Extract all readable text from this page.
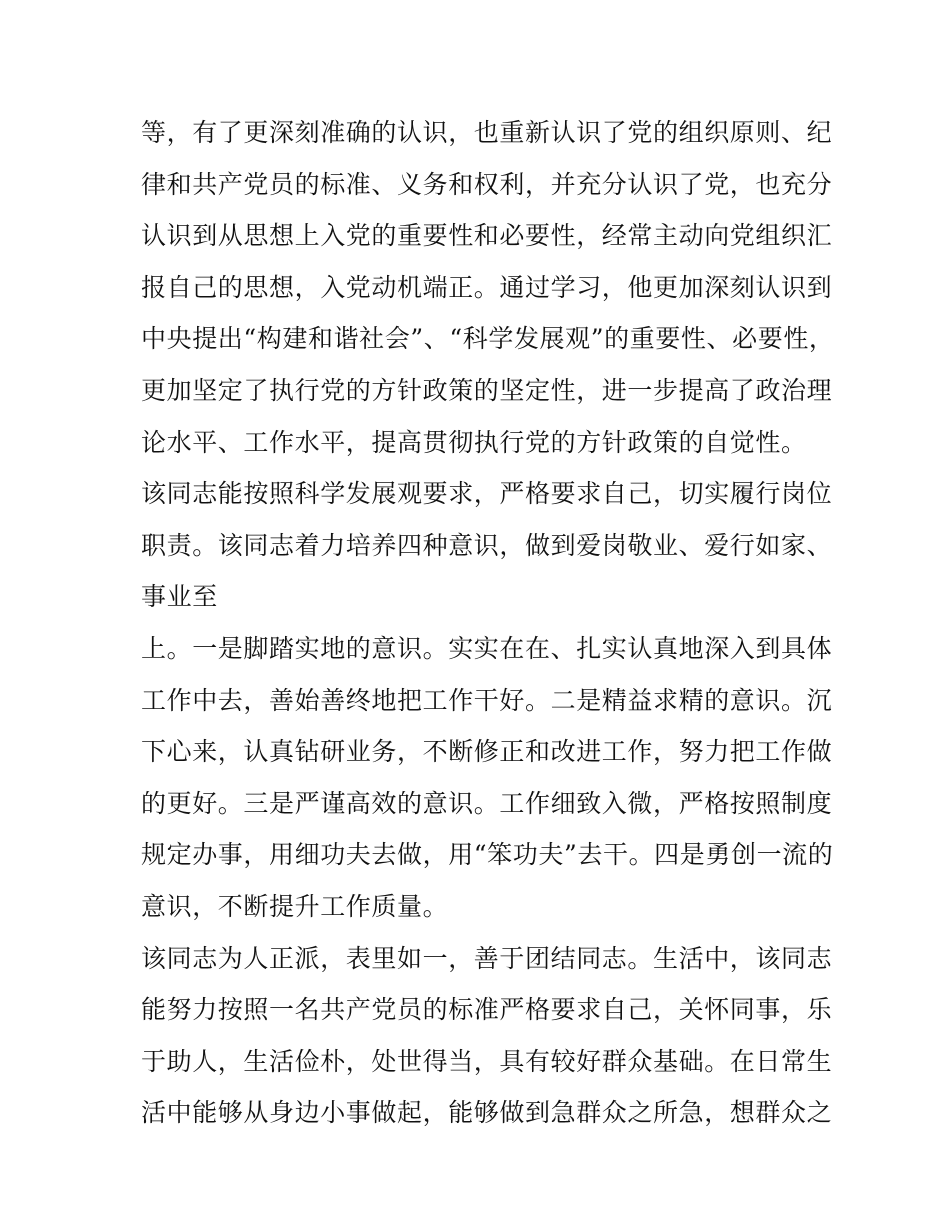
等，有了更深刻准确的认识，也重新认识了党的组织原则、纪
律和共产党员的标准、义务和权利，并充分认识了党，也充分
认识到从思想上入党的重要性和必要性，经常主动向党组织汇
报自己的思想，入党动机端正。通过学习，他更加深刻认识到
中央提出“构建和谐社会”、“科学发展观”的重要性、必要性，
更加坚定了执行党的方针政策的坚定性，进一步提高了政治理
论水平、工作水平，提高贯彻执行党的方针政策的自觉性。
该同志能按照科学发展观要求，严格要求自己，切实履行岗位
职责。该同志着力培养四种意识，做到爱岗敬业、爱行如家、
事业至
上。一是脚踏实地的意识。实实在在、扎实认真地深入到具体
工作中去，善始善终地把工作干好。二是精益求精的意识。沉
下心来，认真钻研业务，不断修正和改进工作，努力把工作做
的更好。三是严谨高效的意识。工作细致入微，严格按照制度
规定办事，用细功夫去做，用“笨功夫”去干。四是勇创一流的
意识，不断提升工作质量。
该同志为人正派，表里如一，善于团结同志。生活中，该同志
能努力按照一名共产党员的标准严格要求自己，关怀同事，乐
于助人，生活俭朴，处世得当，具有较好群众基础。在日常生
活中能够从身边小事做起，能够做到急群众之所急，想群众之
